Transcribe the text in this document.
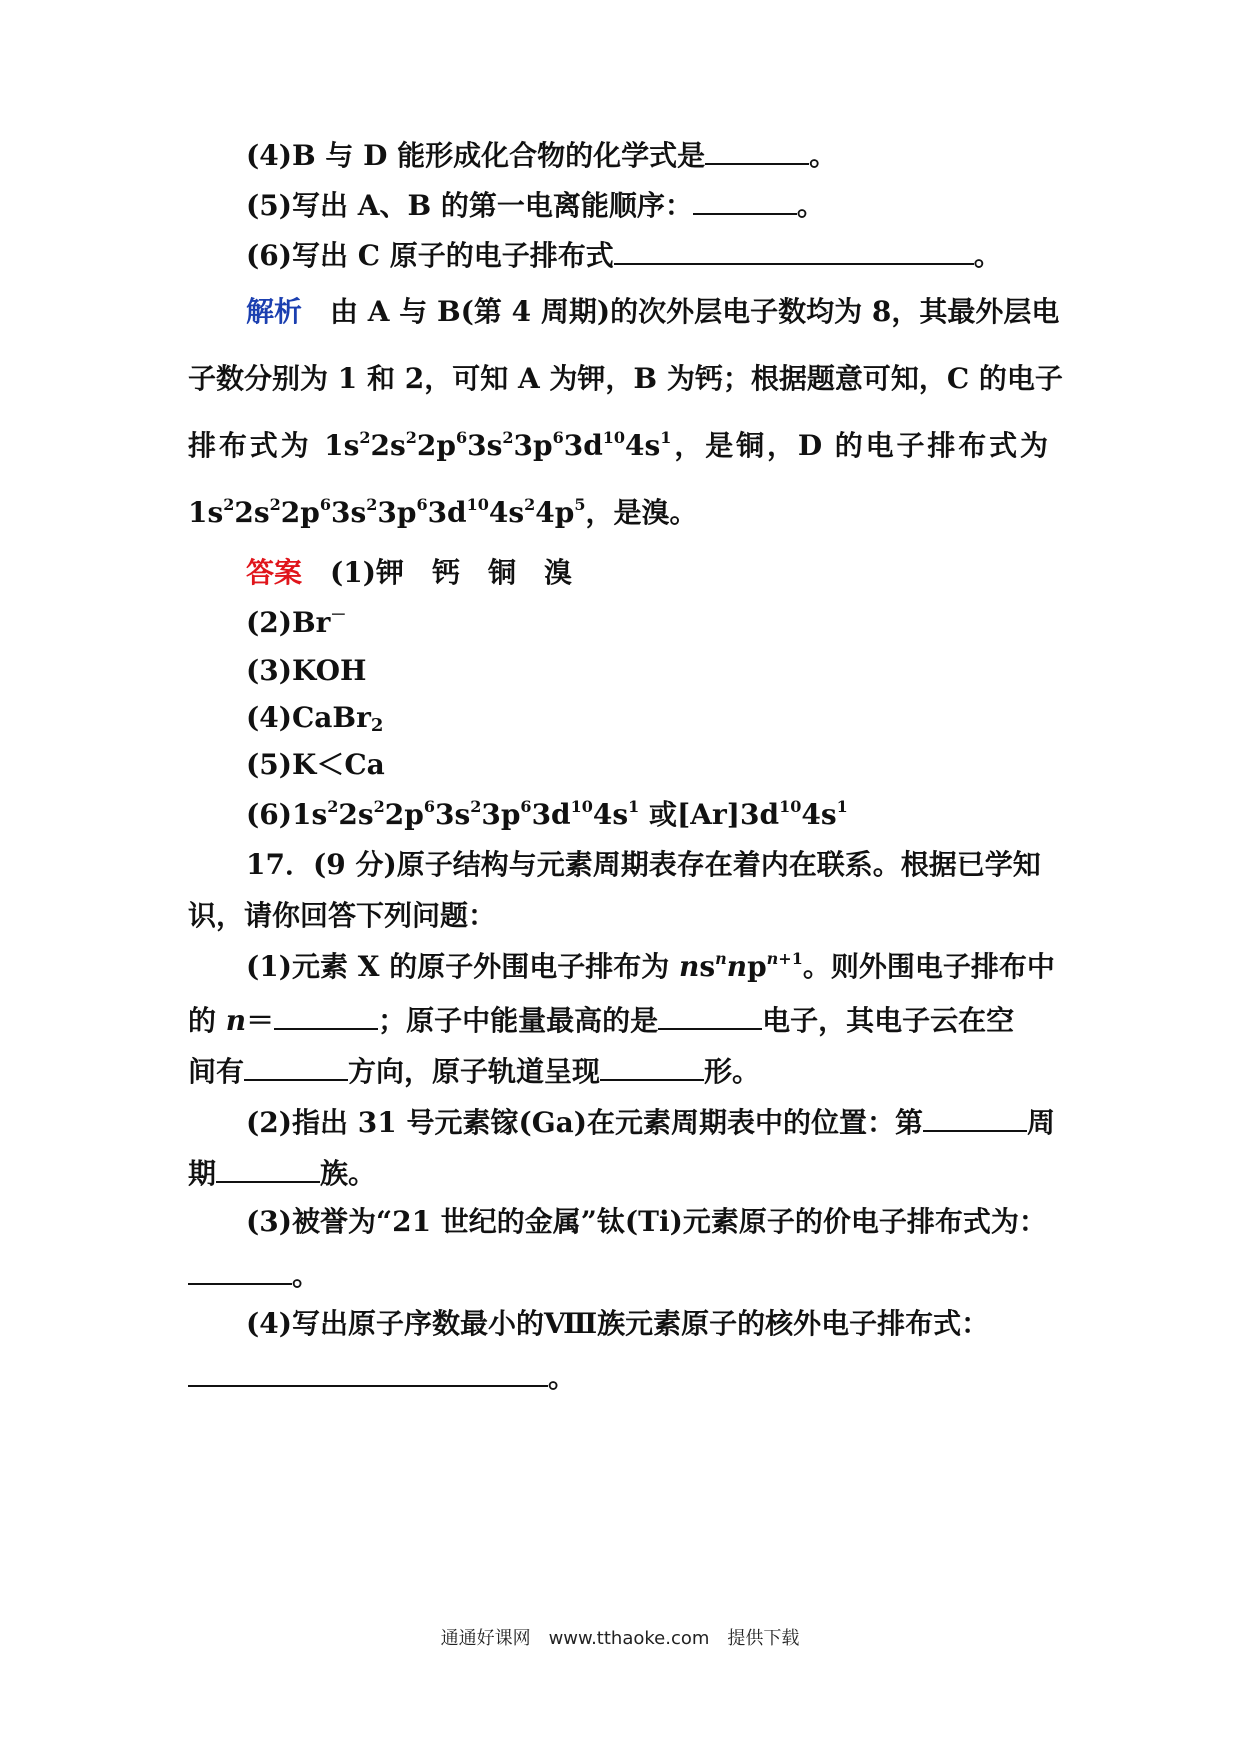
(4)B 与 D 能形成化合物的化学式是	。
(5)写出 A、B 的第一电离能顺序：	。
(6)写出 C 原子的电子排布式	。
解析　 由 A 与 B(第 4 周期)的次外层电子数均为 8，其最外层电
子数分别为 1 和 2，可知 A 为钾，B 为钙；根据题意可知，C 的电子
排布式为 $1s^22s^22p^63s^23p^63d^{10}4s^1$，是铜，D 的电子排布式为
$1s^22s^22p^63s^23p^63d^{10}4s^24p^5$，是溴。
答案　 (1)钾　钙　铜　溴
(2)Br－
(3)KOH
(4)CaBr$_2$
(5)K＜Ca
$(6)1s^22s^22p^63s^23p^63d^{10}4s^1$ 或$[Ar]3d^{10}4s^1$
17．(9 分)原子结构与元素周期表存在着内在联系。根据已学知
识，请你回答下列问题：
(1)元素 X 的原子外围电子排布为 $ns^nnp^{n+1}$。则外围电子排布中
的 n＝	；原子中能量最高的是	电子，其电子云在空
间有	方向，原子轨道呈现	形。
(2)指出 31 号元素镓(Ga)在元素周期表中的位置：第	周
期	族。
(3)被誉为“21 世纪的金属”钛(Ti)元素原子的价电子排布式为：
。
(4)写出原子序数最小的Ⅷ族元素原子的核外电子排布式：
。
通通好课网　www.tthaoke.com　提供下载
